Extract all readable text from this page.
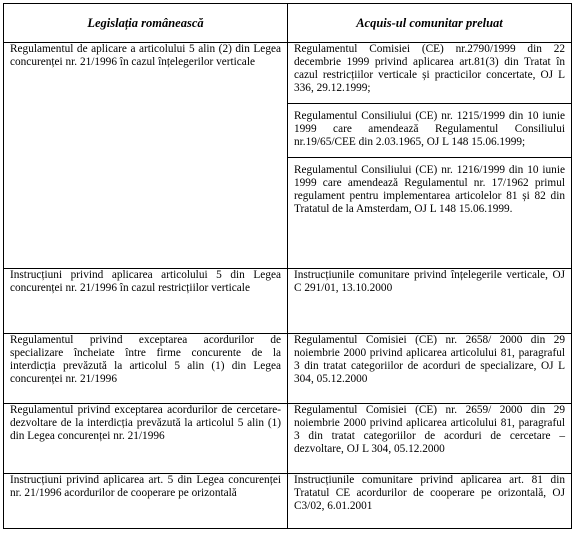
Legislația românească	Acquis-ul comunitar preluat

Regulamentul de aplicare a articolului 5 alin (2) din Legea concurenței nr. 21/1996 în cazul înțelegerilor verticale	Regulamentul Comisiei (CE) nr.2790/1999 din 22 decembrie 1999 privind aplicarea art.81(3) din Tratat în cazul restricțiilor verticale și practicilor concertate, OJ L 336, 29.12.1999;

Regulamentul Consiliului (CE) nr. 1215/1999 din 10 iunie 1999 care amendează Regulamentul Consiliului nr.19/65/CEE din 2.03.1965, OJ L 148 15.06.1999;

Regulamentul Consiliului (CE) nr. 1216/1999 din 10 iunie 1999 care amendează Regulamentul nr. 17/1962 primul regulament pentru implementarea articolelor 81 și 82 din Tratatul de la Amsterdam, OJ L 148 15.06.1999.

Instrucțiuni privind aplicarea articolului 5 din Legea concurenței nr. 21/1996 în cazul restricțiilor verticale	Instrucțiunile comunitare privind înțelegerile verticale, OJ C 291/01, 13.10.2000

Regulamentul privind exceptarea acordurilor de specializare încheiate între firme concurente de la interdicția prevăzută la articolul 5 alin (1) din Legea concurenței nr. 21/1996	Regulamentul Comisiei (CE) nr. 2658/ 2000 din 29 noiembrie 2000 privind aplicarea articolului 81, paragraful 3 din tratat categoriilor de acorduri de specializare, OJ L 304, 05.12.2000

Regulamentul privind exceptarea acordurilor de cercetare-dezvoltare de la interdicția prevăzută la articolul 5 alin (1) din Legea concurenței nr. 21/1996	Regulamentul Comisiei (CE) nr. 2659/ 2000 din 29 noiembrie 2000 privind aplicarea articolului 81, paragraful 3 din tratat categoriilor de acorduri de cercetare –dezvoltare, OJ L 304, 05.12.2000

Instrucțiuni privind aplicarea art. 5 din Legea concurenței nr. 21/1996 acordurilor de cooperare pe orizontală	Instrucțiunile comunitare privind aplicarea art. 81 din Tratatul CE acordurilor de cooperare pe orizontală, OJ C3/02, 6.01.2001
